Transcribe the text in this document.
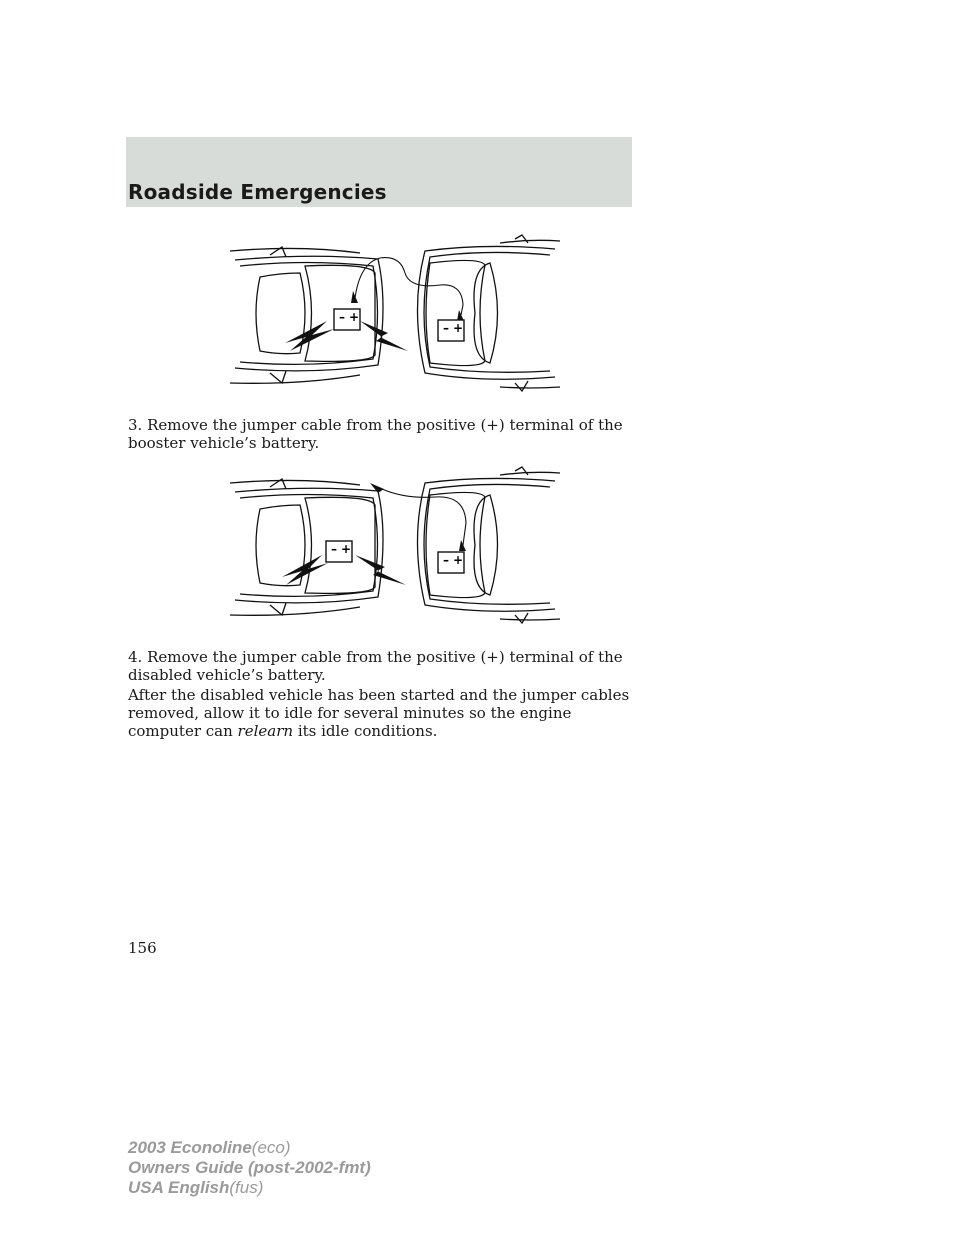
Roadside Emergencies
– +
– +

3. Remove the jumper cable from the positive (+) terminal of the booster vehicle’s battery.

– +
– +

4. Remove the jumper cable from the positive (+) terminal of the disabled vehicle’s battery.

After the disabled vehicle has been started and the jumper cables removed, allow it to idle for several minutes so the engine computer can relearn its idle conditions.

156
2003 Econoline(eco)
Owners Guide (post-2002-fmt)
USA English(fus)
